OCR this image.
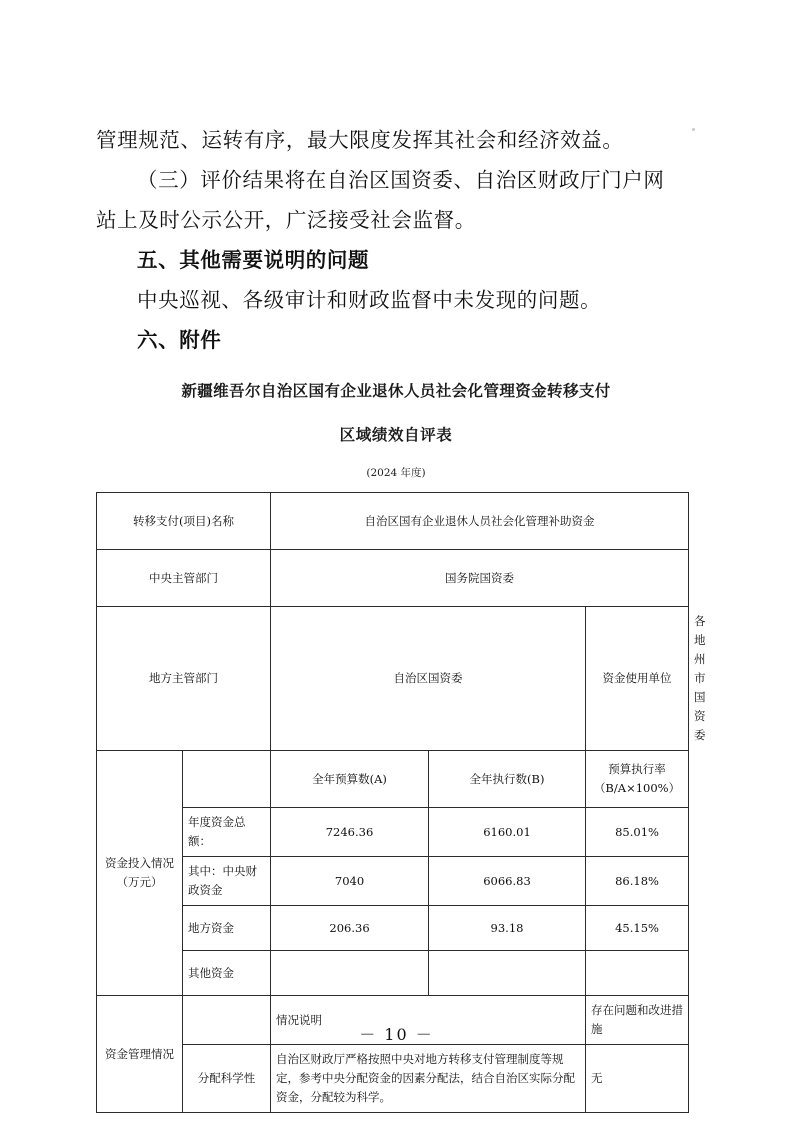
管理规范、运转有序，最大限度发挥其社会和经济效益。

（三）评价结果将在自治区国资委、自治区财政厅门户网

站上及时公示公开，广泛接受社会监督。

五、其他需要说明的问题

中央巡视、各级审计和财政监督中未发现的问题。

六、附件

新疆维吾尔自治区国有企业退休人员社会化管理资金转移支付

区域绩效自评表

(2024 年度)

转移支付(项目)名称		自治区国有企业退休人员社会化管理补助资金			
中央主管部门		国务院国资委			
地方主管部门		自治区国资委		资金使用单位	各地州市国资委
资金投入情况（万元）		全年预算数(A)	全年执行数(B)	预算执行率（B/A×100%）	
	年度资金总额：	7246.36	6160.01	85.01%	
	其中：中央财政资金	7040	6066.83	86.18%	
	地方资金	206.36	93.18	45.15%	
	其他资金				
资金管理情况		情况说明		存在问题和改进措施	
	分配科学性	自治区财政厅严格按照中央对地方转移支付管理制度等规定，参考中央分配资金的因素分配法，结合自治区实际分配资金，分配较为科学。		无	
－ 10 －
